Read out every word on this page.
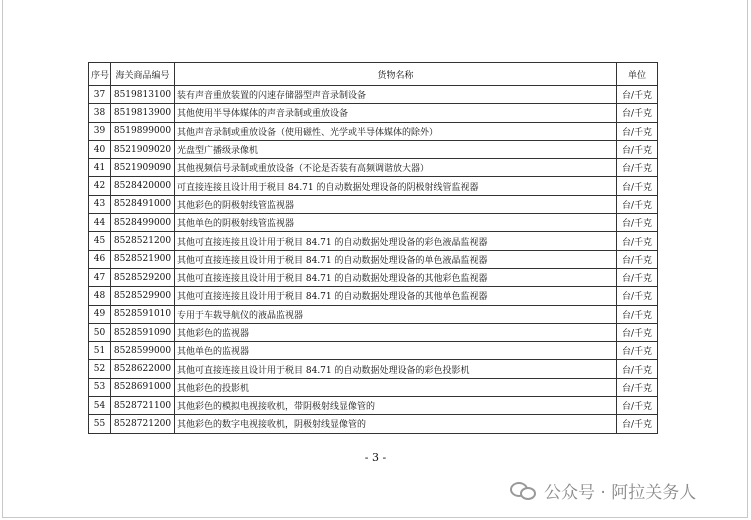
序号	海关商品编号	货物名称	单位
37	8519813100	装有声音重放装置的闪速存储器型声音录制设备	台/千克
38	8519813900	其他使用半导体媒体的声音录制或重放设备	台/千克
39	8519899000	其他声音录制或重放设备（使用磁性、光学或半导体媒体的除外）	台/千克
40	8521909020	光盘型广播级录像机	台/千克
41	8521909090	其他视频信号录制或重放设备（不论是否装有高频调谐放大器）	台/千克
42	8528420000	可直接连接且设计用于税目 84.71 的自动数据处理设备的阴极射线管监视器	台/千克
43	8528491000	其他彩色的阴极射线管监视器	台/千克
44	8528499000	其他单色的阴极射线管监视器	台/千克
45	8528521200	其他可直接连接且设计用于税目 84.71 的自动数据处理设备的彩色液晶监视器	台/千克
46	8528521900	其他可直接连接且设计用于税目 84.71 的自动数据处理设备的单色液晶监视器	台/千克
47	8528529200	其他可直接连接且设计用于税目 84.71 的自动数据处理设备的其他彩色监视器	台/千克
48	8528529900	其他可直接连接且设计用于税目 84.71 的自动数据处理设备的其他单色监视器	台/千克
49	8528591010	专用于车载导航仪的液晶监视器	台/千克
50	8528591090	其他彩色的监视器	台/千克
51	8528599000	其他单色的监视器	台/千克
52	8528622000	其他可直接连接且设计用于税目 84.71 的自动数据处理设备的彩色投影机	台/千克
53	8528691000	其他彩色的投影机	台/千克
54	8528721100	其他彩色的模拟电视接收机，带阴极射线显像管的	台/千克
55	8528721200	其他彩色的数字电视接收机，阴极射线显像管的	台/千克
- 3 -
公众号 · 阿拉关务人
